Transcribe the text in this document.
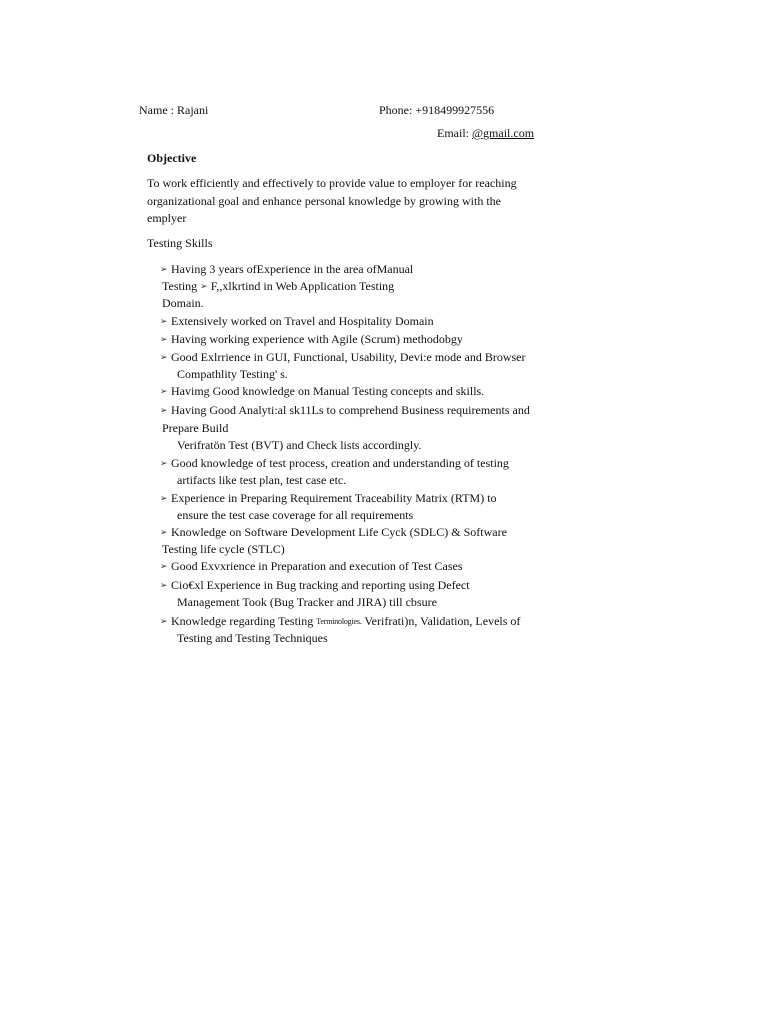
Name : Rajani	Phone: +918499927556
Email: @gmail.com
Objective
To work efficiently and effectively to provide value to employer for reaching
organizational goal and enhance personal knowledge by growing with the
emplyer
Testing Skills
➢ Having 3 years ofExperience in the area ofManual
Testing ➢ F,,xlkrtind in Web Application Testing
Domain.
➢ Extensively worked on Travel and Hospitality Domain
➢ Having working experience with Agile (Scrum) methodobgy
➢ Good Exlrrience in GUI, Functional, Usability, Devi:e mode and Browser
Compathlity Testing' s.
➢ Havimg Good knowledge on Manual Testing concepts and skills.
➢ Having Good Analyti:al sk11Ls to comprehend Business requirements and
Prepare Build
Verifratön Test (BVT) and Check lists accordingly.
➢ Good knowledge of test process, creation and understanding of testing
artifacts like test plan, test case etc.
➢ Experience in Preparing Requirement Traceability Matrix (RTM) to
ensure the test case coverage for all requirements
➢ Knowledge on Software Development Life Cyck (SDLC) & Software
Testing life cycle (STLC)
➢ Good Exvxrience in Preparation and execution of Test Cases
➢ Cio€xl Experience in Bug tracking and reporting using Defect
Management Took (Bug Tracker and JIRA) till cbsure
➢ Knowledge regarding Testing Terminologies. Verifrati)n, Validation, Levels of
Testing and Testing Techniques
